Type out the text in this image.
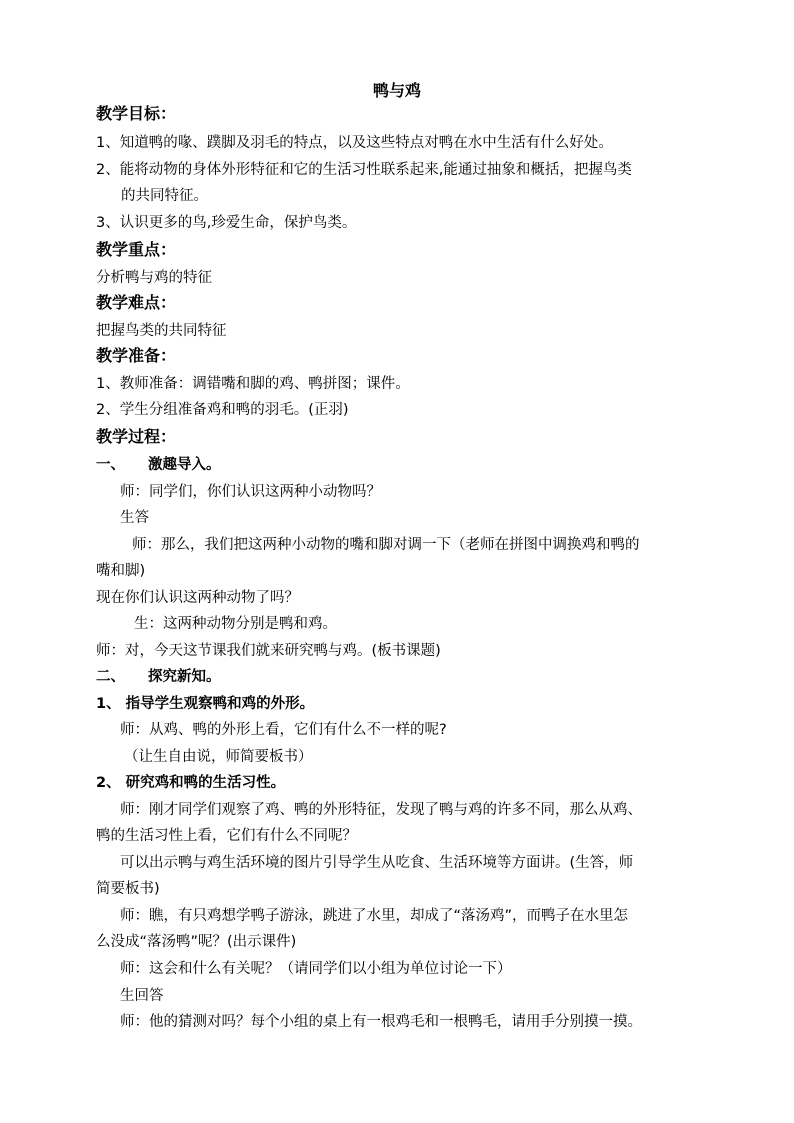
鸭与鸡
教学目标：
1、知道鸭的喙、蹼脚及羽毛的特点，以及这些特点对鸭在水中生活有什么好处。
2、能将动物的身体外形特征和它的生活习性联系起来,能通过抽象和概括，把握鸟类
的共同特征。
3、认识更多的鸟,珍爱生命，保护鸟类。
教学重点：
分析鸭与鸡的特征
教学难点：
把握鸟类的共同特征
教学准备：
1、教师准备：调错嘴和脚的鸡、鸭拼图；课件。
2、学生分组准备鸡和鸭的羽毛。(正羽)
教学过程：
一、 激趣导入。
师：同学们，你们认识这两种小动物吗？
生答
师：那么，我们把这两种小动物的嘴和脚对调一下（老师在拼图中调换鸡和鸭的
嘴和脚)
现在你们认识这两种动物了吗？
生：这两种动物分别是鸭和鸡。
师：对，今天这节课我们就来研究鸭与鸡。(板书课题)
二、 探究新知。
1、 指导学生观察鸭和鸡的外形。
师：从鸡、鸭的外形上看，它们有什么不一样的呢?
（让生自由说，师简要板书）
2、 研究鸡和鸭的生活习性。
师：刚才同学们观察了鸡、鸭的外形特征，发现了鸭与鸡的许多不同，那么从鸡、
鸭的生活习性上看，它们有什么不同呢？
可以出示鸭与鸡生活环境的图片引导学生从吃食、生活环境等方面讲。(生答，师
简要板书)
师：瞧，有只鸡想学鸭子游泳，跳进了水里，却成了“落汤鸡”，而鸭子在水里怎
么没成“落汤鸭”呢？(出示课件)
师：这会和什么有关呢？（请同学们以小组为单位讨论一下）
生回答
师：他的猜测对吗？每个小组的桌上有一根鸡毛和一根鸭毛，请用手分别摸一摸。
